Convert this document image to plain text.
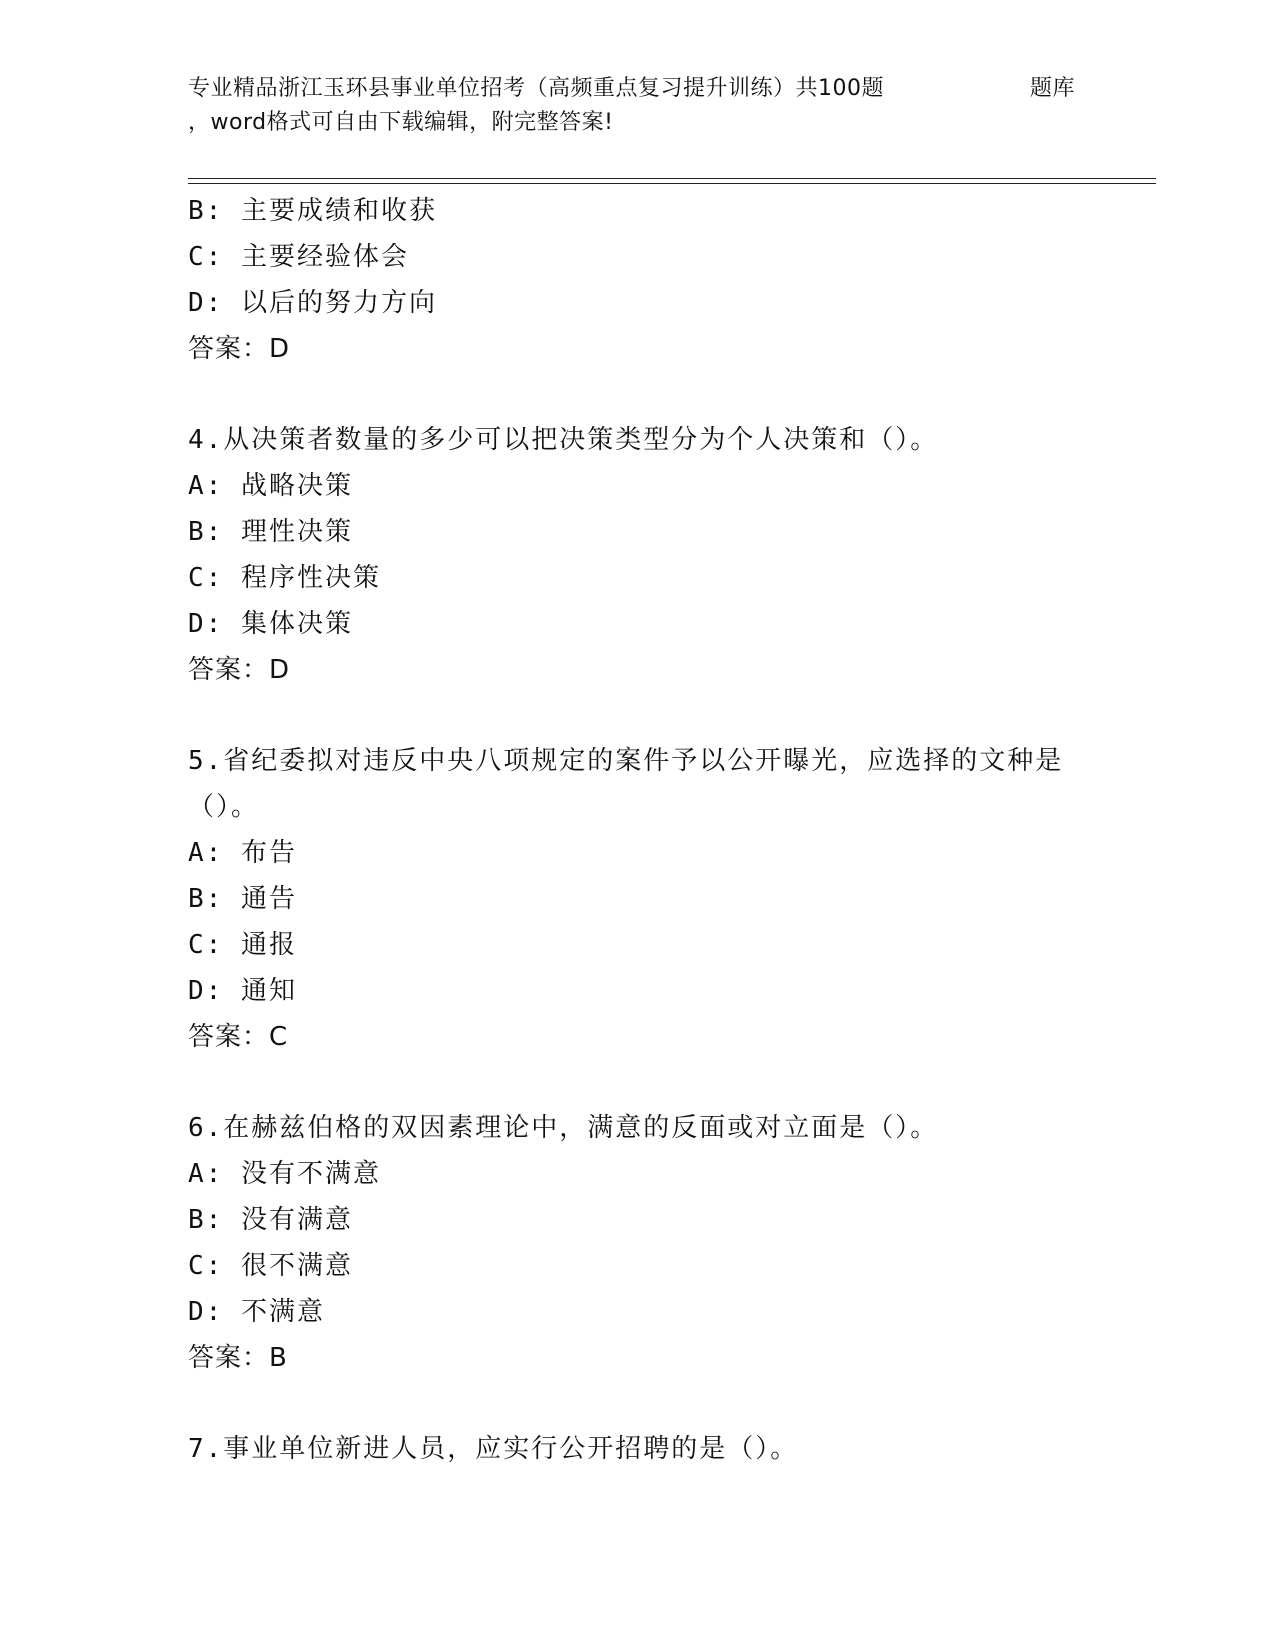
专业精品浙江玉环县事业单位招考（高频重点复习提升训练）共100题	题库
，word格式可自由下载编辑，附完整答案!
B: 主要成绩和收获
C: 主要经验体会
D: 以后的努力方向
答案：D
4.从决策者数量的多少可以把决策类型分为个人决策和（）。
A: 战略决策
B: 理性决策
C: 程序性决策
D: 集体决策
答案：D
5.省纪委拟对违反中央八项规定的案件予以公开曝光，应选择的文种是（）。
A: 布告
B: 通告
C: 通报
D: 通知
答案：C
6.在赫兹伯格的双因素理论中，满意的反面或对立面是（）。
A: 没有不满意
B: 没有满意
C: 很不满意
D: 不满意
答案：B
7.事业单位新进人员，应实行公开招聘的是（）。
